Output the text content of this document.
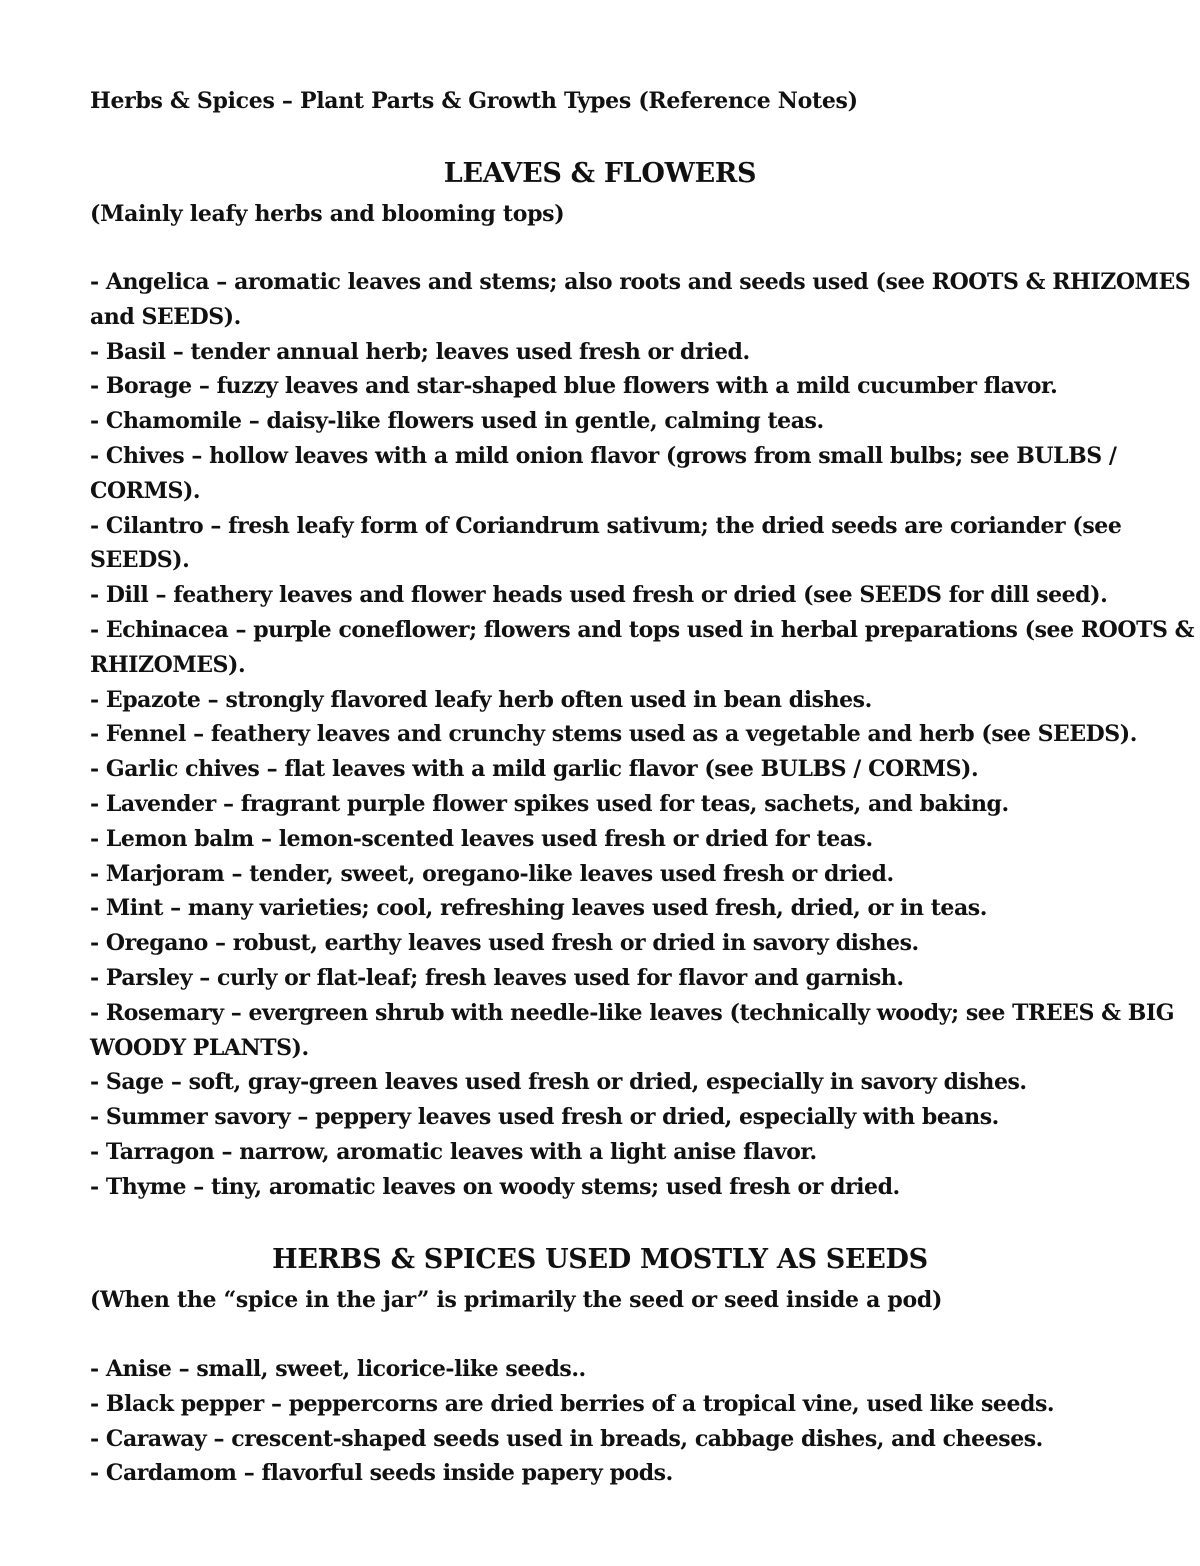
Herbs & Spices – Plant Parts & Growth Types (Reference Notes)
LEAVES & FLOWERS
(Mainly leafy herbs and blooming tops)
- Angelica – aromatic leaves and stems; also roots and seeds used (see ROOTS & RHIZOMES
and SEEDS).
- Basil – tender annual herb; leaves used fresh or dried.
- Borage – fuzzy leaves and star-shaped blue flowers with a mild cucumber flavor.
- Chamomile – daisy-like flowers used in gentle, calming teas.
- Chives – hollow leaves with a mild onion flavor (grows from small bulbs; see BULBS /
CORMS).
- Cilantro – fresh leafy form of Coriandrum sativum; the dried seeds are coriander (see
SEEDS).
- Dill – feathery leaves and flower heads used fresh or dried (see SEEDS for dill seed).
- Echinacea – purple coneflower; flowers and tops used in herbal preparations (see ROOTS &
RHIZOMES).
- Epazote – strongly flavored leafy herb often used in bean dishes.
- Fennel – feathery leaves and crunchy stems used as a vegetable and herb (see SEEDS).
- Garlic chives – flat leaves with a mild garlic flavor (see BULBS / CORMS).
- Lavender – fragrant purple flower spikes used for teas, sachets, and baking.
- Lemon balm – lemon-scented leaves used fresh or dried for teas.
- Marjoram – tender, sweet, oregano-like leaves used fresh or dried.
- Mint – many varieties; cool, refreshing leaves used fresh, dried, or in teas.
- Oregano – robust, earthy leaves used fresh or dried in savory dishes.
- Parsley – curly or flat-leaf; fresh leaves used for flavor and garnish.
- Rosemary – evergreen shrub with needle-like leaves (technically woody; see TREES & BIG
WOODY PLANTS).
- Sage – soft, gray-green leaves used fresh or dried, especially in savory dishes.
- Summer savory – peppery leaves used fresh or dried, especially with beans.
- Tarragon – narrow, aromatic leaves with a light anise flavor.
- Thyme – tiny, aromatic leaves on woody stems; used fresh or dried.
HERBS & SPICES USED MOSTLY AS SEEDS
(When the “spice in the jar” is primarily the seed or seed inside a pod)
- Anise – small, sweet, licorice-like seeds..
- Black pepper – peppercorns are dried berries of a tropical vine, used like seeds.
- Caraway – crescent-shaped seeds used in breads, cabbage dishes, and cheeses.
- Cardamom – flavorful seeds inside papery pods.
